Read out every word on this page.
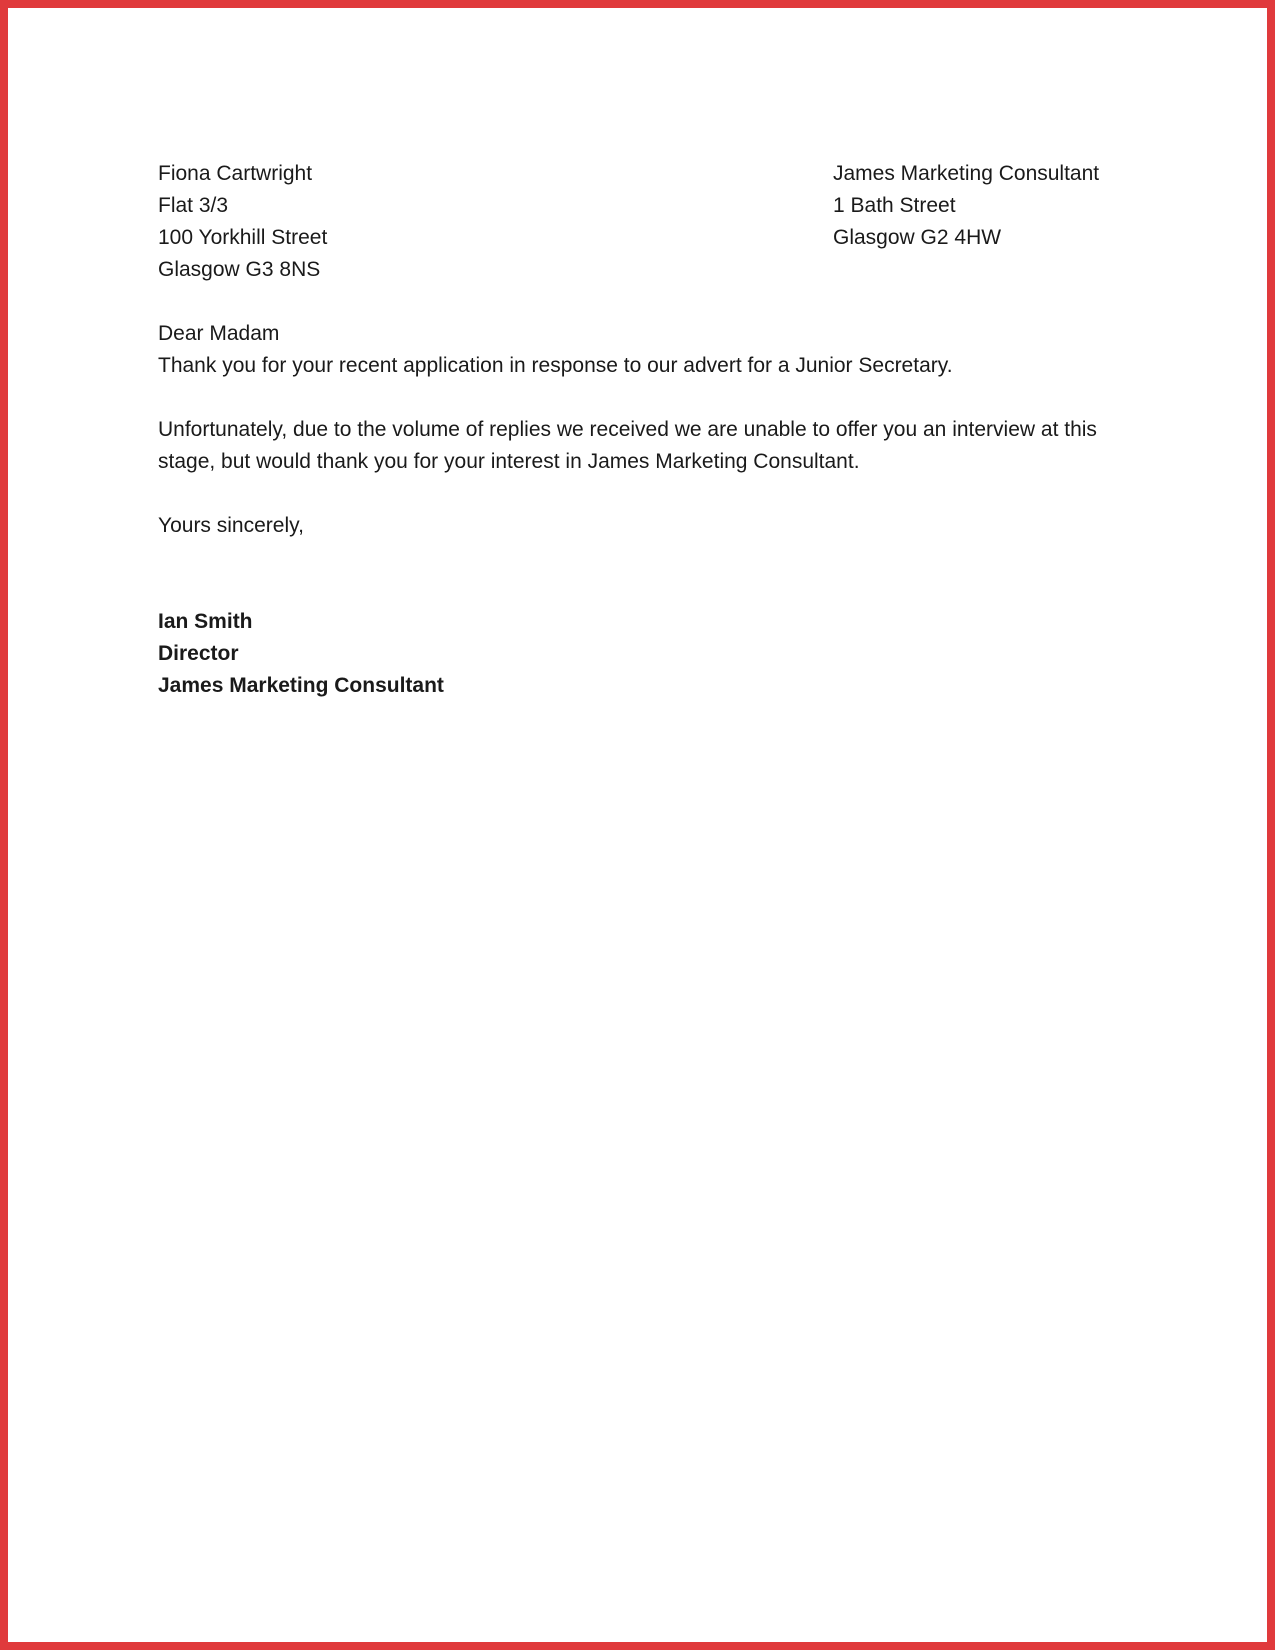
Fiona Cartwright
Flat 3/3
100 Yorkhill Street
Glasgow G3 8NS
James Marketing Consultant
1 Bath Street
Glasgow G2 4HW
Dear Madam

Thank you for your recent application in response to our advert for a Junior Secretary.

Unfortunately, due to the volume of replies we received we are unable to offer you an interview at this stage, but would thank you for your interest in James Marketing Consultant.

Yours sincerely,
Ian Smith
Director
James Marketing Consultant
